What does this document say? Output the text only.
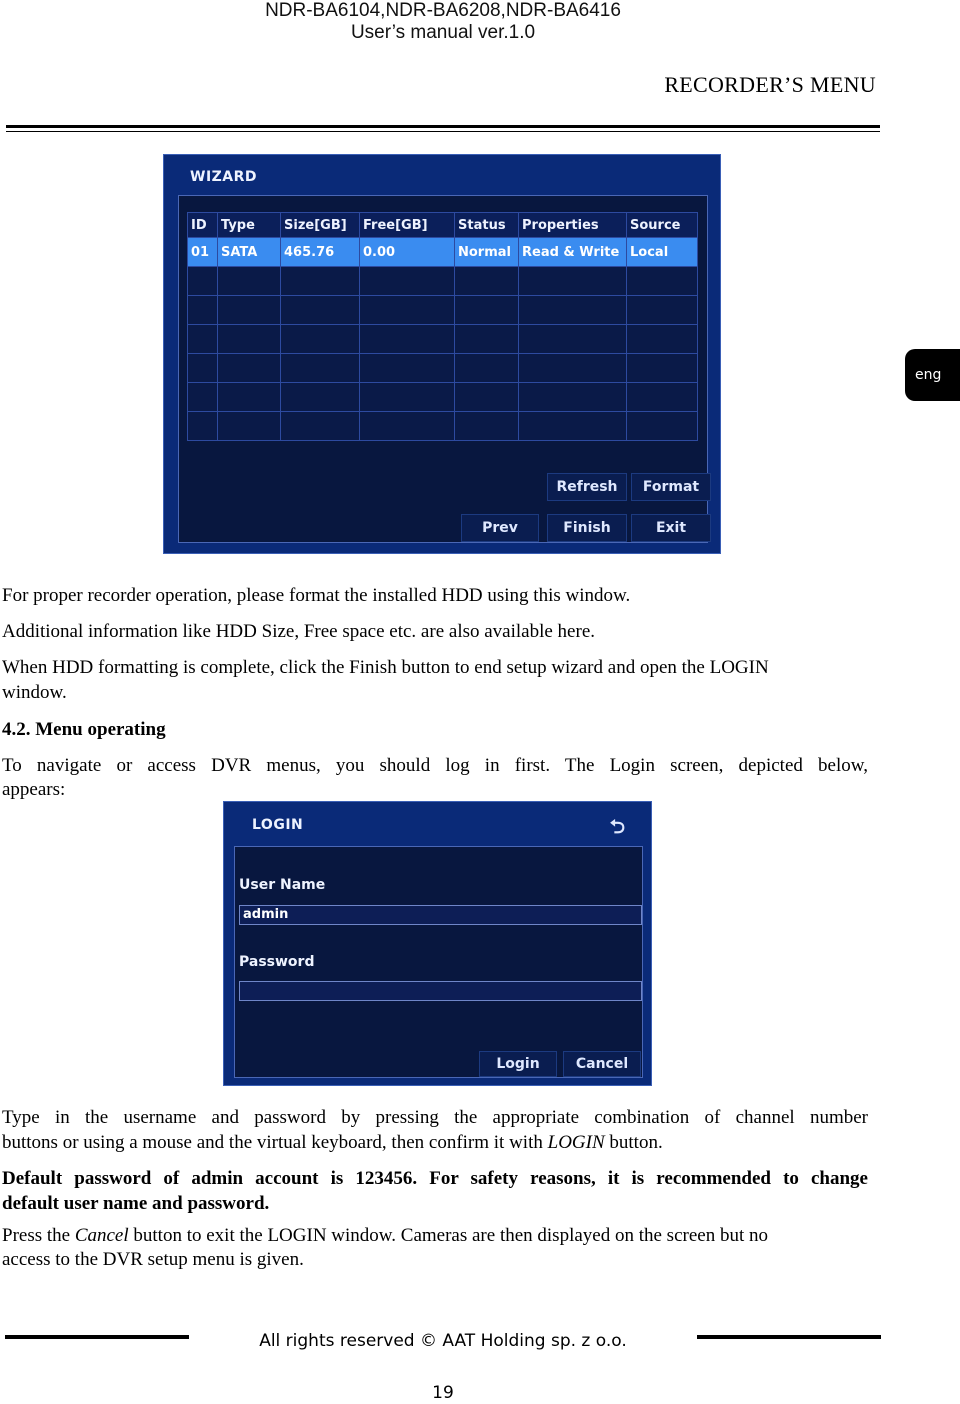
NDR-BA6104,NDR-BA6208,NDR-BA6416
User’s manual ver.1.0
RECORDER’S MENU
eng
WIZARD
ID	Type	Size[GB]	Free[GB]	Status	Properties	Source
01	SATA	465.76	0.00	Normal	Read & Write	Local

Refresh	Format
Prev	Finish	Exit
For proper recorder operation, please format the installed HDD using this window.
Additional information like HDD Size, Free space etc. are also available here.
When HDD formatting is complete, click the Finish button to end setup wizard and open the LOGIN
window.
4.2. Menu operating
To navigate or access DVR menus, you should log in first. The Login screen, depicted below,
appears:
LOGIN	⮌
User Name
admin
Password
Login	Cancel
Type in the username and password by pressing the appropriate combination of channel number
buttons or using a mouse and the virtual keyboard, then confirm it with LOGIN button.
Default password of admin account is 123456. For safety reasons, it is recommended to change
default user name and password.
Press the Cancel button to exit the LOGIN window. Cameras are then displayed on the screen but no
access to the DVR setup menu is given.
All rights reserved © AAT Holding sp. z o.o.
19
